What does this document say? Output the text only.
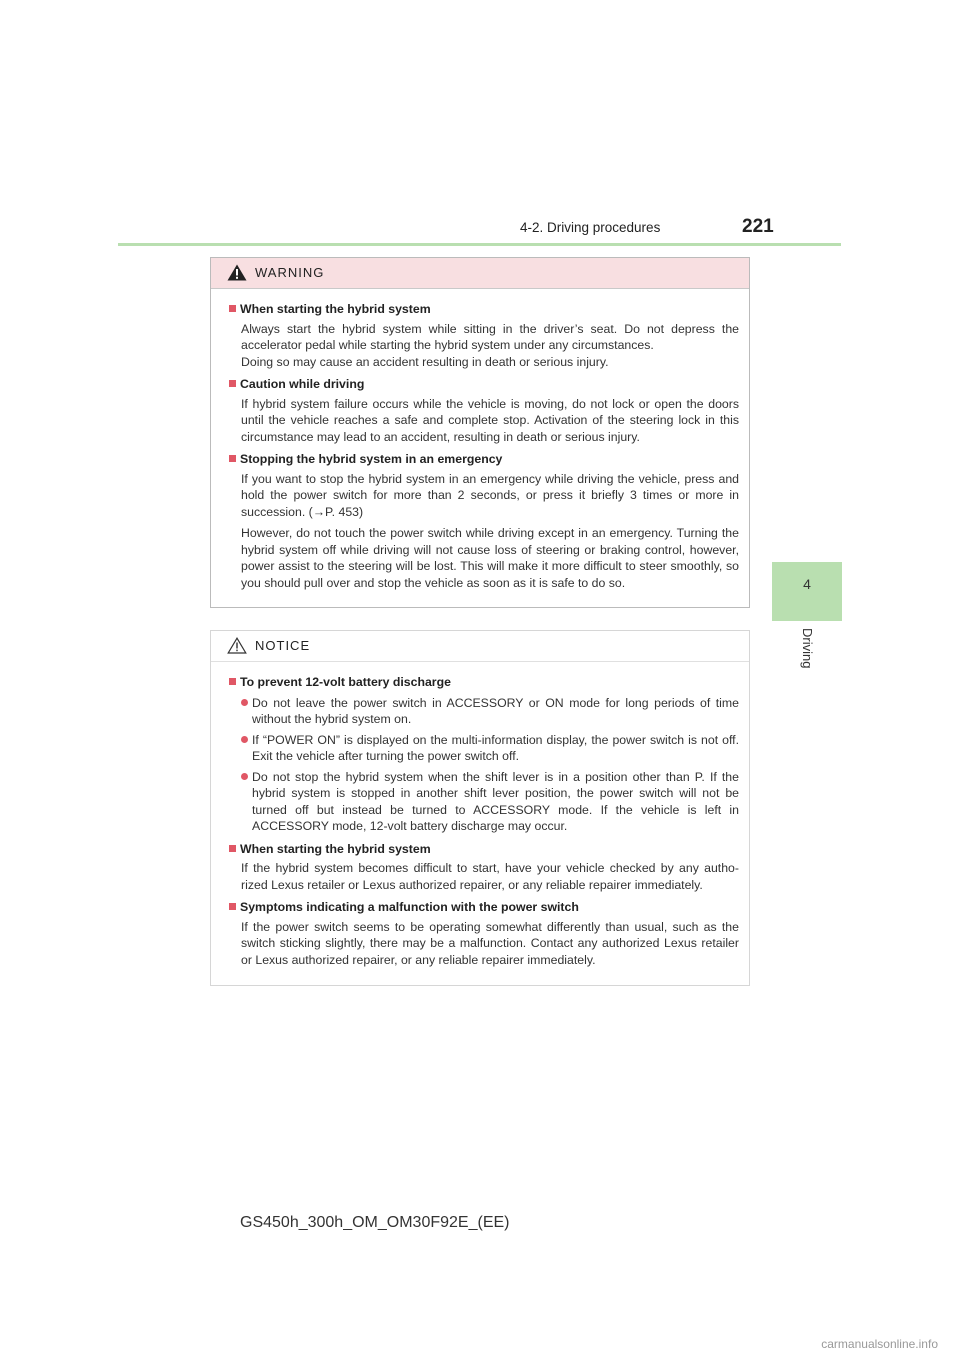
4-2. Driving procedures	221
4
Driving
WARNING
When starting the hybrid system
Always start the hybrid system while sitting in the driver’s seat. Do not depress the accelerator pedal while starting the hybrid system under any circumstances.
Doing so may cause an accident resulting in death or serious injury.
Caution while driving
If hybrid system failure occurs while the vehicle is moving, do not lock or open the doors until the vehicle reaches a safe and complete stop. Activation of the steering lock in this circumstance may lead to an accident, resulting in death or serious injury.
Stopping the hybrid system in an emergency
If you want to stop the hybrid system in an emergency while driving the vehicle, press and hold the power switch for more than 2 seconds, or press it briefly 3 times or more in succession. (→P. 453)
However, do not touch the power switch while driving except in an emergency. Turning the hybrid system off while driving will not cause loss of steering or braking control, however, power assist to the steering will be lost. This will make it more difficult to steer smoothly, so you should pull over and stop the vehicle as soon as it is safe to do so.
NOTICE
To prevent 12-volt battery discharge
Do not leave the power switch in ACCESSORY or ON mode for long periods of time without the hybrid system on.
If “POWER ON” is displayed on the multi-information display, the power switch is not off. Exit the vehicle after turning the power switch off.
Do not stop the hybrid system when the shift lever is in a position other than P. If the hybrid system is stopped in another shift lever position, the power switch will not be turned off but instead be turned to ACCESSORY mode. If the vehicle is left in ACCESSORY mode, 12-volt battery discharge may occur.
When starting the hybrid system
If the hybrid system becomes difficult to start, have your vehicle checked by any autho- rized Lexus retailer or Lexus authorized repairer, or any reliable repairer immediately.
Symptoms indicating a malfunction with the power switch
If the power switch seems to be operating somewhat differently than usual, such as the switch sticking slightly, there may be a malfunction. Contact any authorized Lexus retailer or Lexus authorized repairer, or any reliable repairer immediately.
GS450h_300h_OM_OM30F92E_(EE)
carmanualsonline.info
